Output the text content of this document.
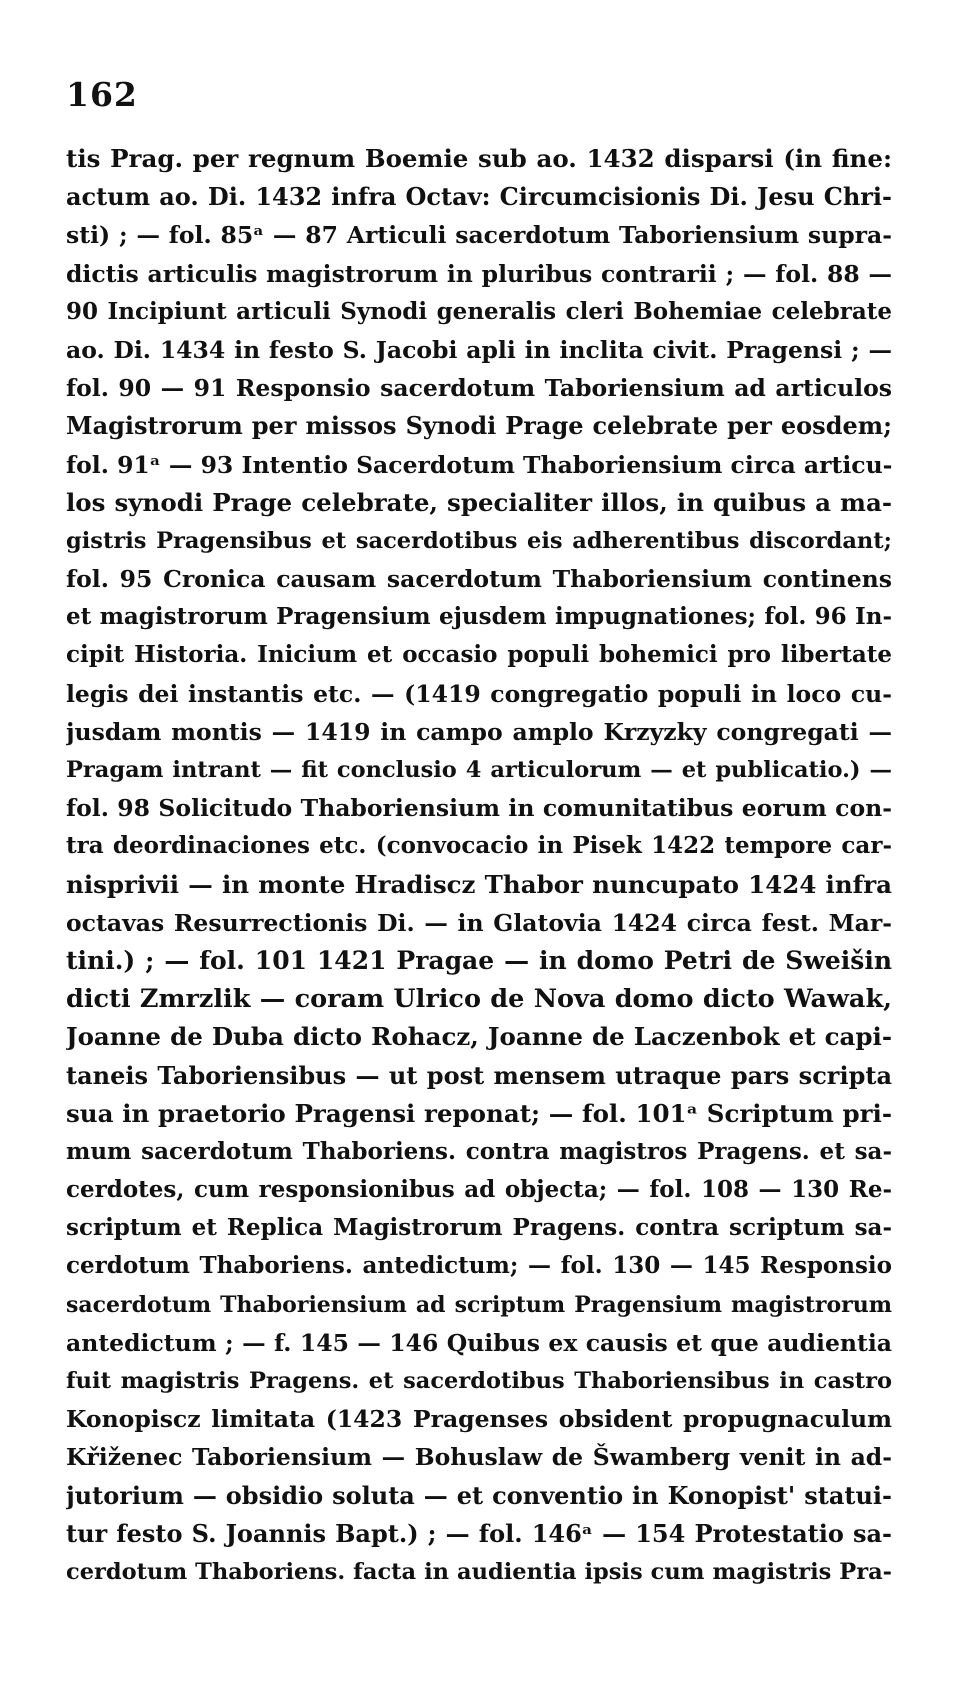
162
tis Prag. per regnum Boemie sub ao. 1432 disparsi (in fine:
actum ao. Di. 1432 infra Octav: Circumcisionis Di. Jesu Chri-
sti) ; — fol. 85ᵃ — 87 Articuli sacerdotum Taboriensium supra-
dictis articulis magistrorum in pluribus contrarii ; — fol. 88 —
90 Incipiunt articuli Synodi generalis cleri Bohemiae celebrate
ao. Di. 1434 in festo S. Jacobi apli in inclita civit. Pragensi ; —
fol. 90 — 91 Responsio sacerdotum Taboriensium ad articulos
Magistrorum per missos Synodi Prage celebrate per eosdem;
fol. 91ᵃ — 93 Intentio Sacerdotum Thaboriensium circa articu-
los synodi Prage celebrate, specialiter illos, in quibus a ma-
gistris Pragensibus et sacerdotibus eis adherentibus discordant;
fol. 95 Cronica causam sacerdotum Thaboriensium continens
et magistrorum Pragensium ejusdem impugnationes; fol. 96 In-
cipit Historia. Inicium et occasio populi bohemici pro libertate
legis dei instantis etc. — (1419 congregatio populi in loco cu-
jusdam montis — 1419 in campo amplo Krzyzky congregati —
Pragam intrant — fit conclusio 4 articulorum — et publicatio.) —
fol. 98 Solicitudo Thaboriensium in comunitatibus eorum con-
tra deordinaciones etc. (convocacio in Pisek 1422 tempore car-
nisprivii — in monte Hradiscz Thabor nuncupato 1424 infra
octavas Resurrectionis Di. — in Glatovia 1424 circa fest. Mar-
tini.) ; — fol. 101 1421 Pragae — in domo Petri de Sweišin
dicti Zmrzlik — coram Ulrico de Nova domo dicto Wawak,
Joanne de Duba dicto Rohacz, Joanne de Laczenbok et capi-
taneis Taboriensibus — ut post mensem utraque pars scripta
sua in praetorio Pragensi reponat; — fol. 101ᵃ Scriptum pri-
mum sacerdotum Thaboriens. contra magistros Pragens. et sa-
cerdotes, cum responsionibus ad objecta; — fol. 108 — 130 Re-
scriptum et Replica Magistrorum Pragens. contra scriptum sa-
cerdotum Thaboriens. antedictum; — fol. 130 — 145 Responsio
sacerdotum Thaboriensium ad scriptum Pragensium magistrorum
antedictum ; — f. 145 — 146 Quibus ex causis et que audientia
fuit magistris Pragens. et sacerdotibus Thaboriensibus in castro
Konopiscz limitata (1423 Pragenses obsident propugnaculum
Křiženec Taboriensium — Bohuslaw de Šwamberg venit in ad-
jutorium — obsidio soluta — et conventio in Konopist' statui-
tur festo S. Joannis Bapt.) ; — fol. 146ᵃ — 154 Protestatio sa-
cerdotum Thaboriens. facta in audientia ipsis cum magistris Pra-
